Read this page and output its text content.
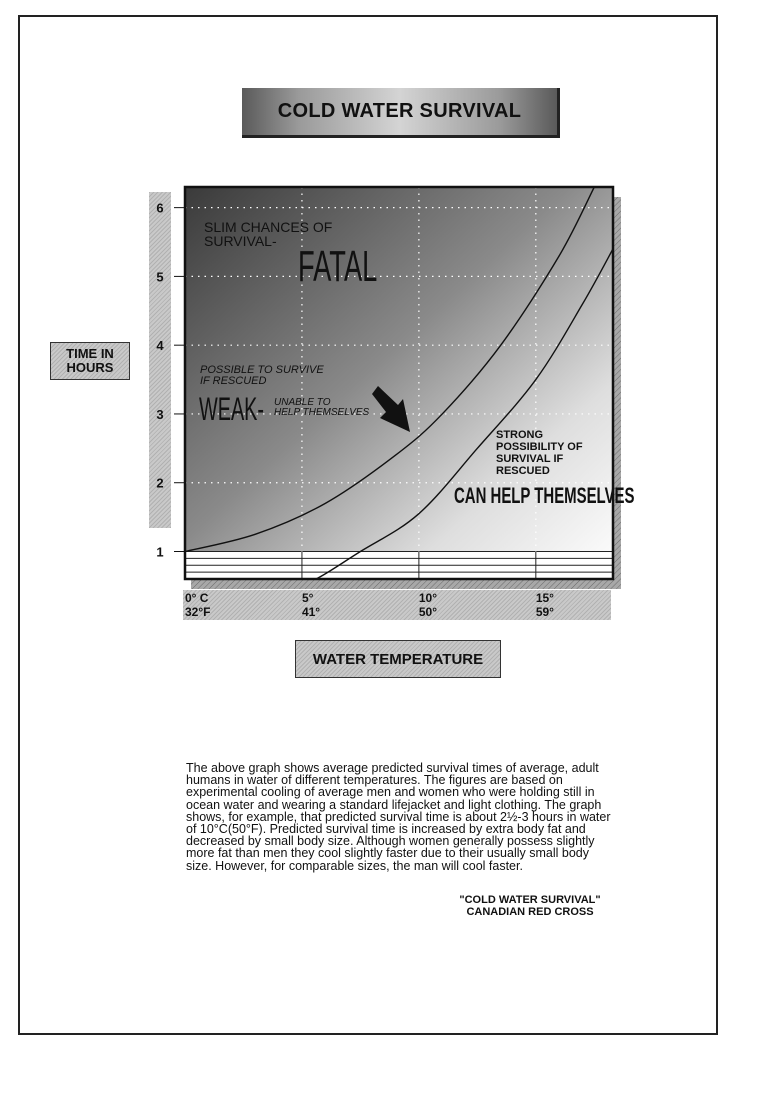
COLD WATER SURVIVAL
TIME IN HOURS
SLIM CHANCES OF SURVIVAL-
FATAL
POSSIBLE TO SURVIVE IF RESCUED
WEAK- UNABLE TO HELP THEMSELVES
STRONG POSSIBILITY OF SURVIVAL IF RESCUED
CAN HELP THEMSELVES
0° C
32°F
5°
41°
10°
50°
15°
59°
1
2
3
4
5
6
WATER TEMPERATURE
The above graph shows average predicted survival times of average, adult humans in water of different temperatures. The figures are based on experimental cooling of average men and women who were holding still in ocean water and wearing a standard lifejacket and light clothing. The graph shows, for example, that predicted survival time is about 2½-3 hours in water of 10°C(50°F). Predicted survival time is increased by extra body fat and decreased by small body size. Although women generally possess slightly more fat than men they cool slightly faster due to their usually small body size. However, for comparable sizes, the man will cool faster.
"COLD WATER SURVIVAL"
CANADIAN RED CROSS
